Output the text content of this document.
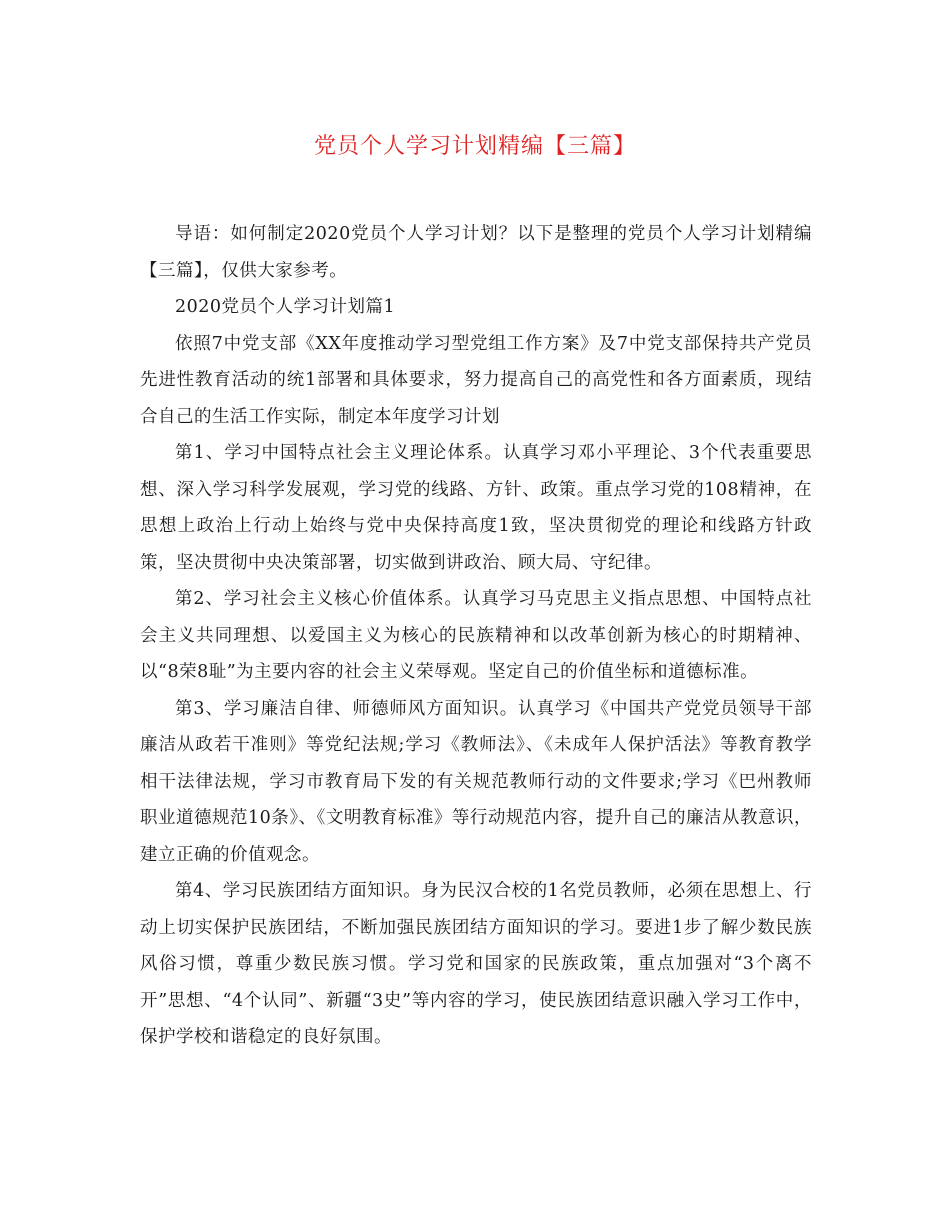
党员个人学习计划精编【三篇】

导语：如何制定2020党员个人学习计划？以下是整理的党员个人学习计划精编【三篇】，仅供大家参考。

2020党员个人学习计划篇1

依照7中党支部《XX年度推动学习型党组工作方案》及7中党支部保持共产党员先进性教育活动的统1部署和具体要求，努力提高自己的高党性和各方面素质，现结合自己的生活工作实际，制定本年度学习计划

第1、学习中国特点社会主义理论体系。认真学习邓小平理论、3个代表重要思想、深入学习科学发展观，学习党的线路、方针、政策。重点学习党的108精神，在思想上政治上行动上始终与党中央保持高度1致，坚决贯彻党的理论和线路方针政策，坚决贯彻中央决策部署，切实做到讲政治、顾大局、守纪律。

第2、学习社会主义核心价值体系。认真学习马克思主义指点思想、中国特点社会主义共同理想、以爱国主义为核心的民族精神和以改革创新为核心的时期精神、以“8荣8耻”为主要内容的社会主义荣辱观。坚定自己的价值坐标和道德标准。

第3、学习廉洁自律、师德师风方面知识。认真学习《中国共产党党员领导干部廉洁从政若干准则》等党纪法规;学习《教师法》、《未成年人保护活法》等教育教学相干法律法规，学习市教育局下发的有关规范教师行动的文件要求;学习《巴州教师职业道德规范10条》、《文明教育标准》等行动规范内容，提升自己的廉洁从教意识，建立正确的价值观念。

第4、学习民族团结方面知识。身为民汉合校的1名党员教师，必须在思想上、行动上切实保护民族团结，不断加强民族团结方面知识的学习。要进1步了解少数民族风俗习惯，尊重少数民族习惯。学习党和国家的民族政策，重点加强对“3个离不开”思想、“4个认同”、新疆“3史”等内容的学习，使民族团结意识融入学习工作中，保护学校和谐稳定的良好氛围。
